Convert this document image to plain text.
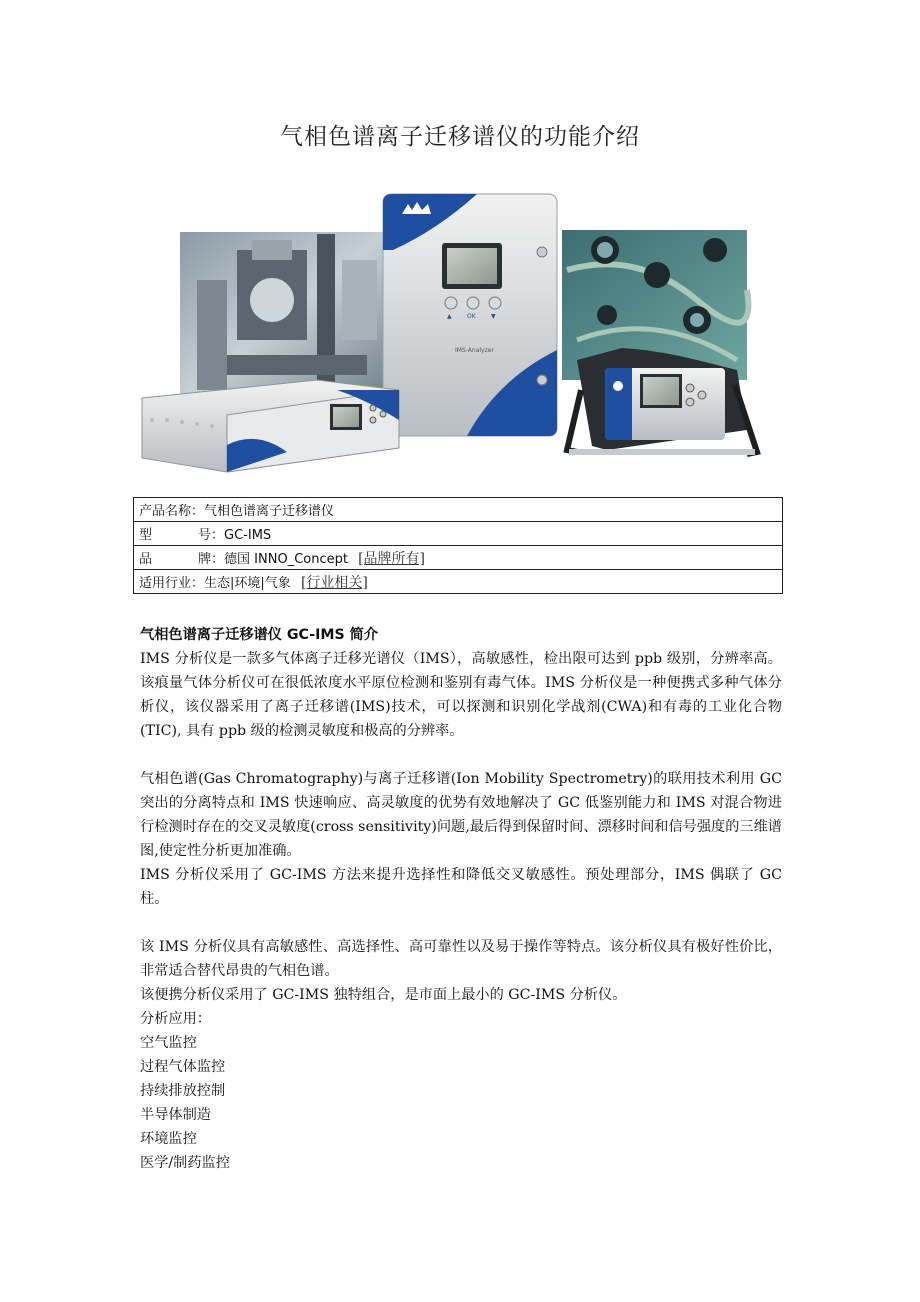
气相色谱离子迁移谱仪的功能介绍
▲	OK	▼
IMS-Analyzer
产品名称：气相色谱离子迁移谱仪

型	号 ：GC-IMS

品	牌 ：德国 INNO_Concept [品牌所有]
适用行业：生态|环境|气象 [行业相关]

气相色谱离子迁移谱仪 GC-IMS 简介

IMS 分析仪是一款多气体离子迁移光谱仪（IMS），高敏感性，检出限可达到 ppb 级别，分辨率高。该痕量气体分析仪可在很低浓度水平原位检测和鉴别有毒气体。IMS 分析仪是一种便携式多种气体分析仪，该仪器采用了离子迁移谱(IMS)技术，可以探测和识别化学战剂(CWA)和有毒的工业化合物(TIC), 具有 ppb 级的检测灵敏度和极高的分辨率。

气相色谱(Gas Chromatography)与离子迁移谱(Ion Mobility Spectrometry)的联用技术利用 GC 突出的分离特点和 IMS 快速响应、高灵敏度的优势有效地解决了 GC 低鉴别能力和 IMS 对混合物进行检测时存在的交叉灵敏度(cross sensitivity)问题,最后得到保留时间、漂移时间和信号强度的三维谱图,使定性分析更加准确。

IMS 分析仪采用了 GC-IMS 方法来提升选择性和降低交叉敏感性。预处理部分，IMS 偶联了 GC 柱。

该 IMS 分析仪具有高敏感性、高选择性、高可靠性以及易于操作等特点。该分析仪具有极好性价比，非常适合替代昂贵的气相色谱。

该便携分析仪采用了 GC-IMS 独特组合，是市面上最小的 GC-IMS 分析仪。

分析应用：

空气监控
过程气体监控
持续排放控制
半导体制造
环境监控
医学/制药监控
